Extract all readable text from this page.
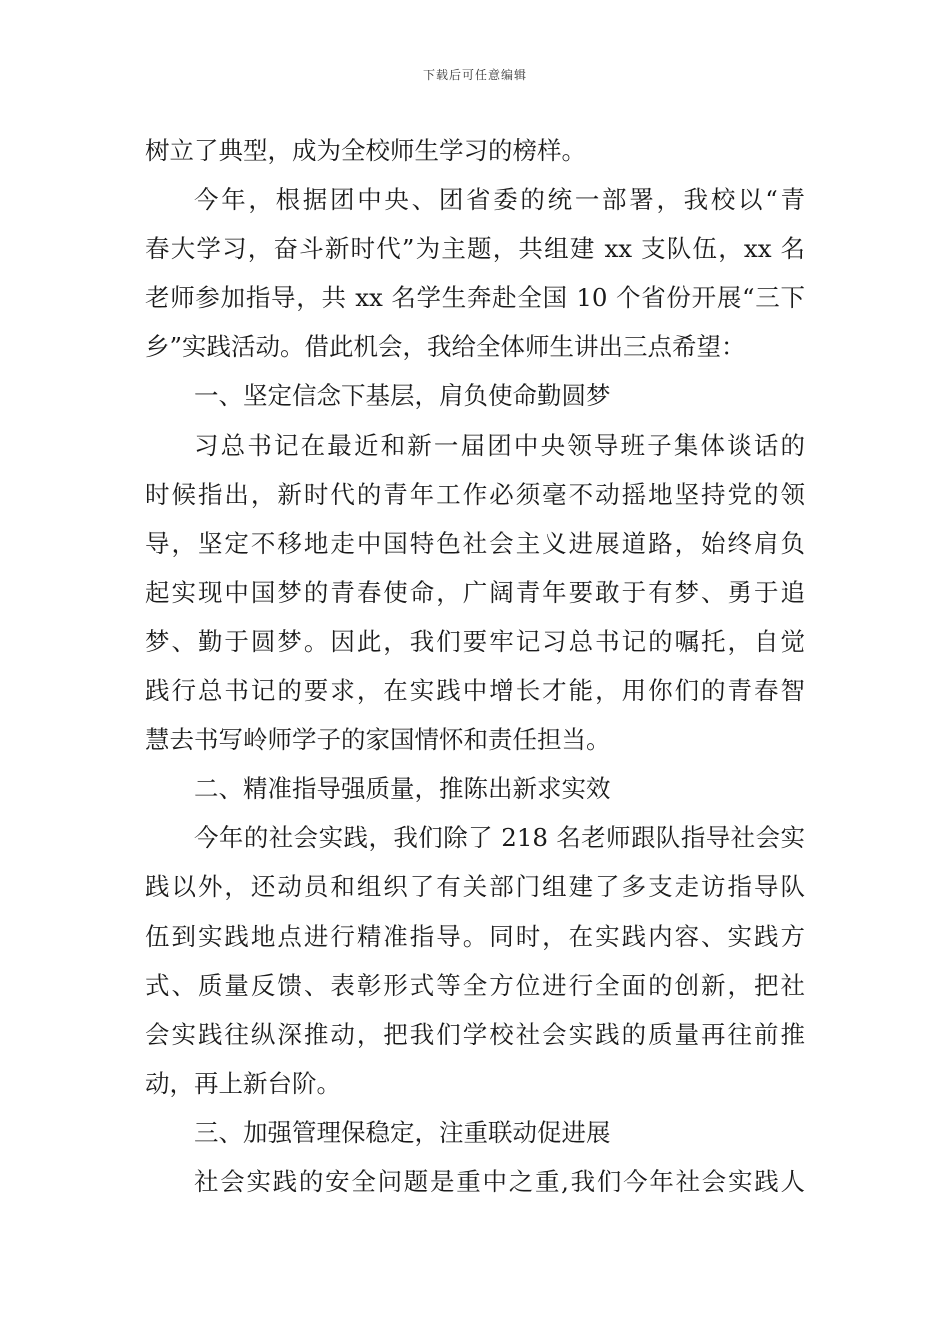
下载后可任意编辑
树立了典型，成为全校师生学习的榜样。
今年，根据团中央、团省委的统一部署，我校以“青
春大学习，奋斗新时代”为主题，共组建 xx 支队伍，xx 名
老师参加指导，共 xx 名学生奔赴全国 10 个省份开展“三下
乡”实践活动。借此机会，我给全体师生讲出三点希望：
一、坚定信念下基层，肩负使命勤圆梦
习总书记在最近和新一届团中央领导班子集体谈话的
时候指出，新时代的青年工作必须毫不动摇地坚持党的领
导，坚定不移地走中国特色社会主义进展道路，始终肩负
起实现中国梦的青春使命，广阔青年要敢于有梦、勇于追
梦、勤于圆梦。因此，我们要牢记习总书记的嘱托，自觉
践行总书记的要求，在实践中增长才能，用你们的青春智
慧去书写岭师学子的家国情怀和责任担当。
二、精准指导强质量，推陈出新求实效
今年的社会实践，我们除了 218 名老师跟队指导社会实
践以外，还动员和组织了有关部门组建了多支走访指导队
伍到实践地点进行精准指导。同时，在实践内容、实践方
式、质量反馈、表彰形式等全方位进行全面的创新，把社
会实践往纵深推动，把我们学校社会实践的质量再往前推
动，再上新台阶。
三、加强管理保稳定，注重联动促进展
社会实践的安全问题是重中之重,我们今年社会实践人
